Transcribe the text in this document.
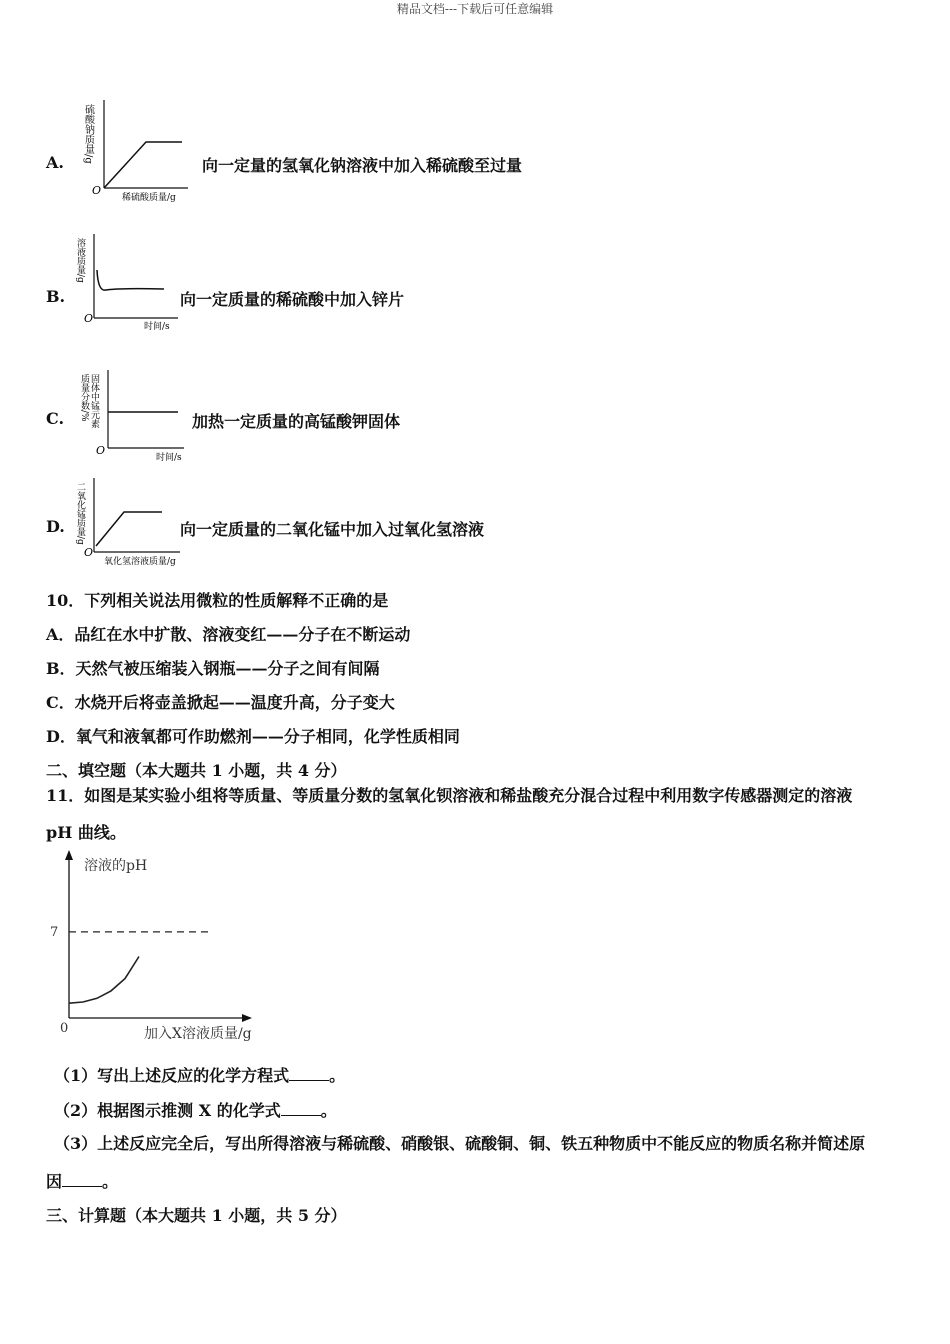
精品文档---下载后可任意编辑
A. 硫酸钠质量/g
O
稀硫酸质量/g
向一定量的氢氧化钠溶液中加入稀硫酸至过量
B.
溶液质量/g
O
时间/s
向一定质量的稀硫酸中加入锌片
C.	固体中锰元素
质量分数/%
O
时间/s
加热一定质量的高锰酸钾固体
D. 二氧化锰质量/g
O
氧化氢溶液质量/g
向一定质量的二氧化锰中加入过氧化氢溶液
10．下列相关说法用微粒的性质解释不正确的是
A．品红在水中扩散、溶液变红——分子在不断运动
B．天然气被压缩装入钢瓶——分子之间有间隔
C．水烧开后将壶盖掀起——温度升高，分子变大
D．氧气和液氧都可作助燃剂——分子相同，化学性质相同
二、填空题（本大题共 1 小题，共 4 分）
11．如图是某实验小组将等质量、等质量分数的氢氧化钡溶液和稀盐酸充分混合过程中利用数字传感器测定的溶液
pH 曲线。
溶液的pH
加入X溶液质量/g
0
7
（1）写出上述反应的化学方程式	。
（2）根据图示推测 X 的化学式	。
（3）上述反应完全后，写出所得溶液与稀硫酸、硝酸银、硫酸铜、铜、铁五种物质中不能反应的物质名称并简述原
因	。
三、计算题（本大题共 1 小题，共 5 分）
